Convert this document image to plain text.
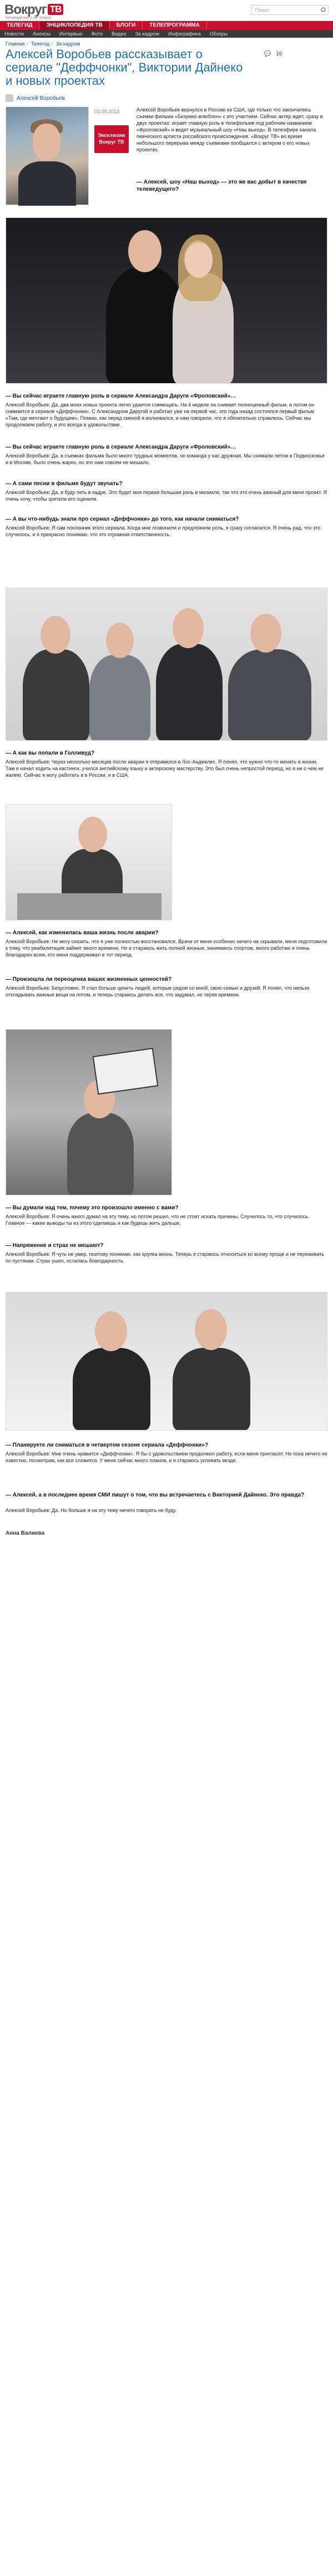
Вокруг ТВ
телевидение и не только
Поиск
ТЕЛЕГИД	ЭНЦИКЛОПЕДИЯ ТВ	БЛОГИ	ТЕЛЕПРОГРАММА
Новости	Анонсы	Интервью	Фото	Видео	За кадром	Инфографика	Обзоры
Главная › Телегид › За кадром
Алексей Воробьев рассказывает о сериале "Деффчонки", Виктории Дайнеко и новых проектах
💬 16
Алексей Воробьев
02.09.2013
Эксклюзив
Вокруг ТВ
Алексей Воробьев вернулся в Россию из США, где только что закончились съемки фильма «Безумно влюблен» с его участием. Сейчас актер ждет, сразу в двух проектах: играет главную роль в телефильме под рабочим названием «Фроловский» и ведет музыкальный шоу «Наш выход». В телеэфире канала певческого артиста российского происхождения. «Вокруг ТВ» во время небольшого перерыва между съемками пообщался с актером о его новых проектах.
— Алексей, шоу «Наш выход» — это же вас добыт в качестве телеведущего?
— Вы сейчас играете главную роль в сериале Александра Даруги «Фроловский»…
Алексей Воробьев: Да, два моих новых проекта легко удается совмещать. На 4 неделе он снимает полноценный фильм, а потом он снимается в сериале «Деффчонки». С Александром Даругой я работал уже на первой час, это года назад состоялся первый фильм «Там, где мечтают о будущем». Помню, как перед сменой я волновался, и нам говорили, что я обязательно справлюсь. Сейчас мы продолжаем работу, и это всегда в удовольствие.
— Вы сейчас играете главную роль в сериале Александра Даруги «Фроловский»…
Алексей Воробьев: Да, в съемках фильма было много трудных моментов, но команда у нас дружная. Мы снимали летом в Подмосковье и в Москве, было очень жарко, но это нам совсем не мешало.
— А сами песни в фильме будут звучать?
Алексей Воробьев: Да, я буду петь в кадре. Это будет моя первая большая роль в мюзикле, так что это очень важный для меня проект. Я очень хочу, чтобы зрители его оценили.
— А вы что-нибудь знали про сериал «Деффчонки» до того, как начали сниматься?
Алексей Воробьев: Я сам поклонник этого сериала. Когда мне позвонили и предложили роль, я сразу согласился. Я очень рад, что это случилось, и я прекрасно понимаю, что это огромная ответственность.
— А как вы попали в Голливуд?
Алексей Воробьев: Через несколько месяцев после аварии я отправился в Лос-Анджелес. Я понял, что нужно что-то менять в жизни. Там я начал ходить на кастинги, учился английскому языку и актерскому мастерству. Это был очень непростой период, но я ни о чем не жалею. Сейчас я могу работать и в России, и в США.
— Алексей, как изменилась ваша жизнь после аварии?
Алексей Воробьев: Не могу сказать, что я уже полностью восстановился. Врачи от меня особенно ничего не скрывали, меня подготовили к тому, что реабилитация займет много времени. Но я стараюсь жить полной жизнью, занимаюсь спортом, много работаю и очень благодарен всем, кто меня поддерживал в тот период.
— Произошла ли переоценка ваших жизненных ценностей?
Алексей Воробьев: Безусловно. Я стал больше ценить людей, которые рядом со мной, свою семью и друзей. Я понял, что нельзя откладывать важные вещи на потом, и теперь стараюсь делать все, что задумал, не теряя времени.
— Вы думали над тем, почему это произошло именно с вами?
Алексей Воробьев: Я очень много думал на эту тему, но потом решил, что не стоит искать причины. Случилось то, что случилось. Главное — какие выводы ты из этого сделаешь и как будешь жить дальше.
— Напряжение и страх не мешают?
Алексей Воробьев: Я чуть не умер, поэтому понимаю, как хрупка жизнь. Теперь я стараюсь относиться ко всему проще и не переживать по пустякам. Страх ушел, осталась благодарность.
— Планируете ли сниматься в четвертом сезоне сериала «Деффчонки»?
Алексей Воробьев: Мне очень нравится «Деффчонки». Я бы с удовольствием продолжил работу, если меня пригласят. Но пока ничего не известно, посмотрим, как все сложится. У меня сейчас много планов, и я стараюсь успевать везде.
— Алексей, а в последнее время СМИ пишут о том, что вы встречаетесь с Викторией Дайнеко. Это правда?
Алексей Воробьев: Да. Но больше я на эту тему ничего говорить не буду.
Анна Валиева
